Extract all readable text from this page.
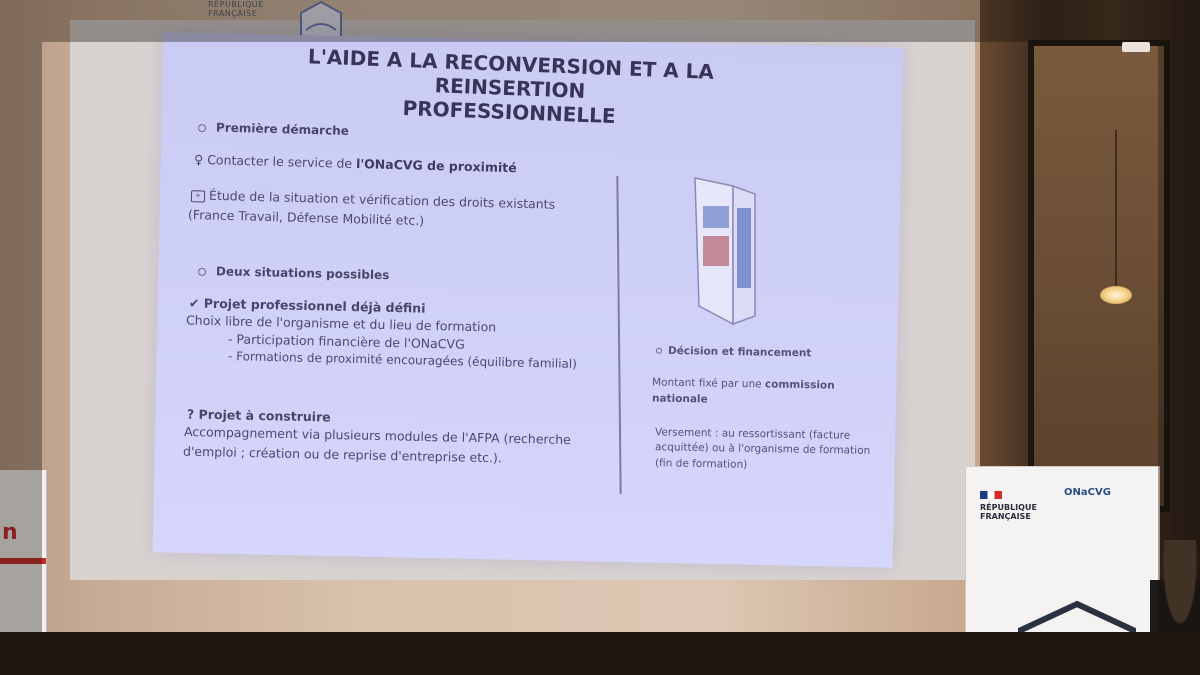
RÉPUBLIQUE
FRANÇAISE
L'AIDE A LA RECONVERSION ET A LA REINSERTION
PROFESSIONNELLE
Première démarche
♀ Contacter le service de l'ONaCVG de proximité
+ Étude de la situation et vérification des droits existants
(France Travail, Défense Mobilité etc.)
Deux situations possibles
✔ Projet professionnel déjà défini
Choix libre de l'organisme et du lieu de formation
- Participation financière de l'ONaCVG
- Formations de proximité encouragées (équilibre familial)
? Projet à construire
Accompagnement via plusieurs modules de l'AFPA (recherche
d'emploi ; création ou de reprise d'entreprise etc.).
Décision et financement
Montant fixé par une commission
nationale
Versement : au ressortissant (facture
acquittée) ou à l'organisme de formation
(fin de formation)
n
RÉPUBLIQUE
FRANÇAISE
ONaCVG
